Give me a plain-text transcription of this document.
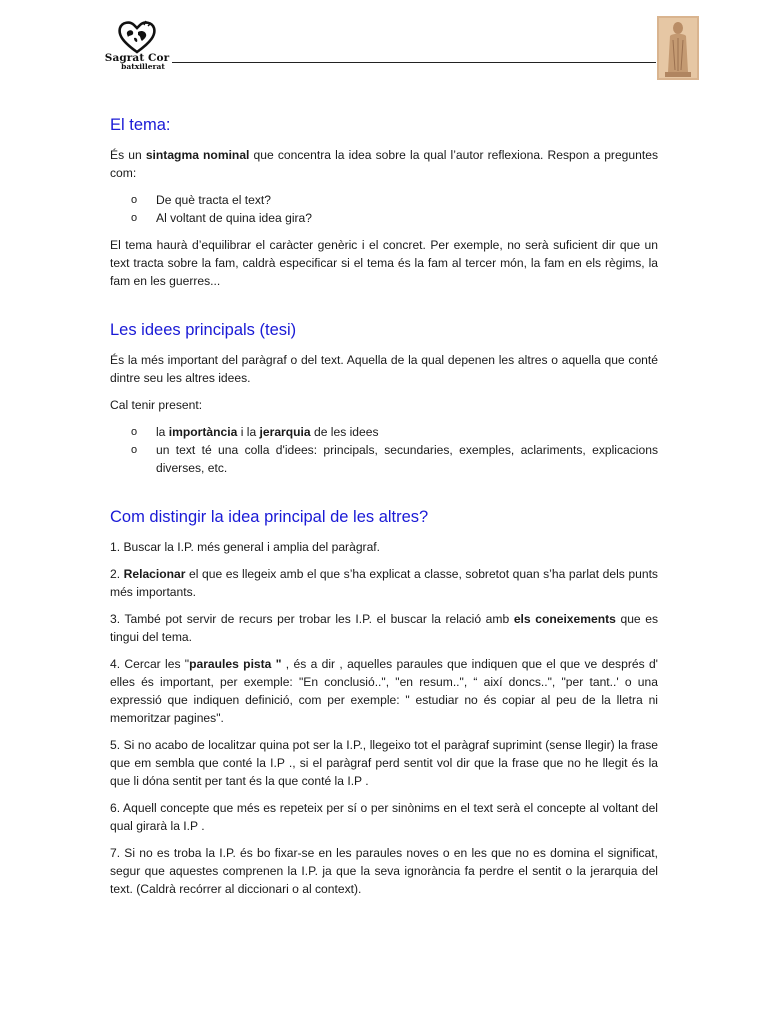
Sagrat Cor
batxillerat
El tema:

És un sintagma nominal que concentra la idea sobre la qual l’autor reflexiona. Respon a preguntes com:

o De què tracta el text?
o Al voltant de quina idea gira?

El tema haurà d’equilibrar el caràcter genèric i el concret. Per exemple, no serà suficient dir que un text tracta sobre la fam, caldrà especificar si el tema és la fam al tercer món, la fam en els règims, la fam en les guerres...

Les idees principals (tesi)

És la més important del paràgraf o del text. Aquella de la qual depenen les altres o aquella que conté dintre seu les altres idees.

Cal tenir present:

o la importància i la jerarquia de les idees
o un text té una colla d'idees: principals, secundaries, exemples, aclariments, explicacions diverses, etc.
Com distingir la idea principal de les altres?

1. Buscar la I.P. més general i amplia del paràgraf.

2. Relacionar el que es llegeix amb el que s’ha explicat a classe, sobretot quan s’ha parlat dels punts més importants.

3. També pot servir de recurs per trobar les I.P. el buscar la relació amb els coneixements que es tingui del tema.

4. Cercar les "paraules pista " , és a dir , aquelles paraules que indiquen que el que ve després d' elles és important, per exemple: "En conclusió..", "en resum..", “ així doncs..", "per tant..' o una expressió que indiquen definició, com per exemple: " estudiar no és copiar al peu de la lletra ni memoritzar pagines".

5. Si no acabo de localitzar quina pot ser la I.P., llegeixo tot el paràgraf suprimint (sense llegir) la frase que em sembla que conté la I.P ., si el paràgraf perd sentit vol dir que la frase que no he llegit és la que li dóna sentit per tant és la que conté la I.P .

6. Aquell concepte que més es repeteix per sí o per sinònims en el text serà el concepte al voltant del qual girarà la I.P .

7. Si no es troba la I.P. és bo fixar-se en les paraules noves o en les que no es domina el significat, segur que aquestes comprenen la I.P. ja que la seva ignorància fa perdre el sentit o la jerarquia del text. (Caldrà recórrer al diccionari o al context).
